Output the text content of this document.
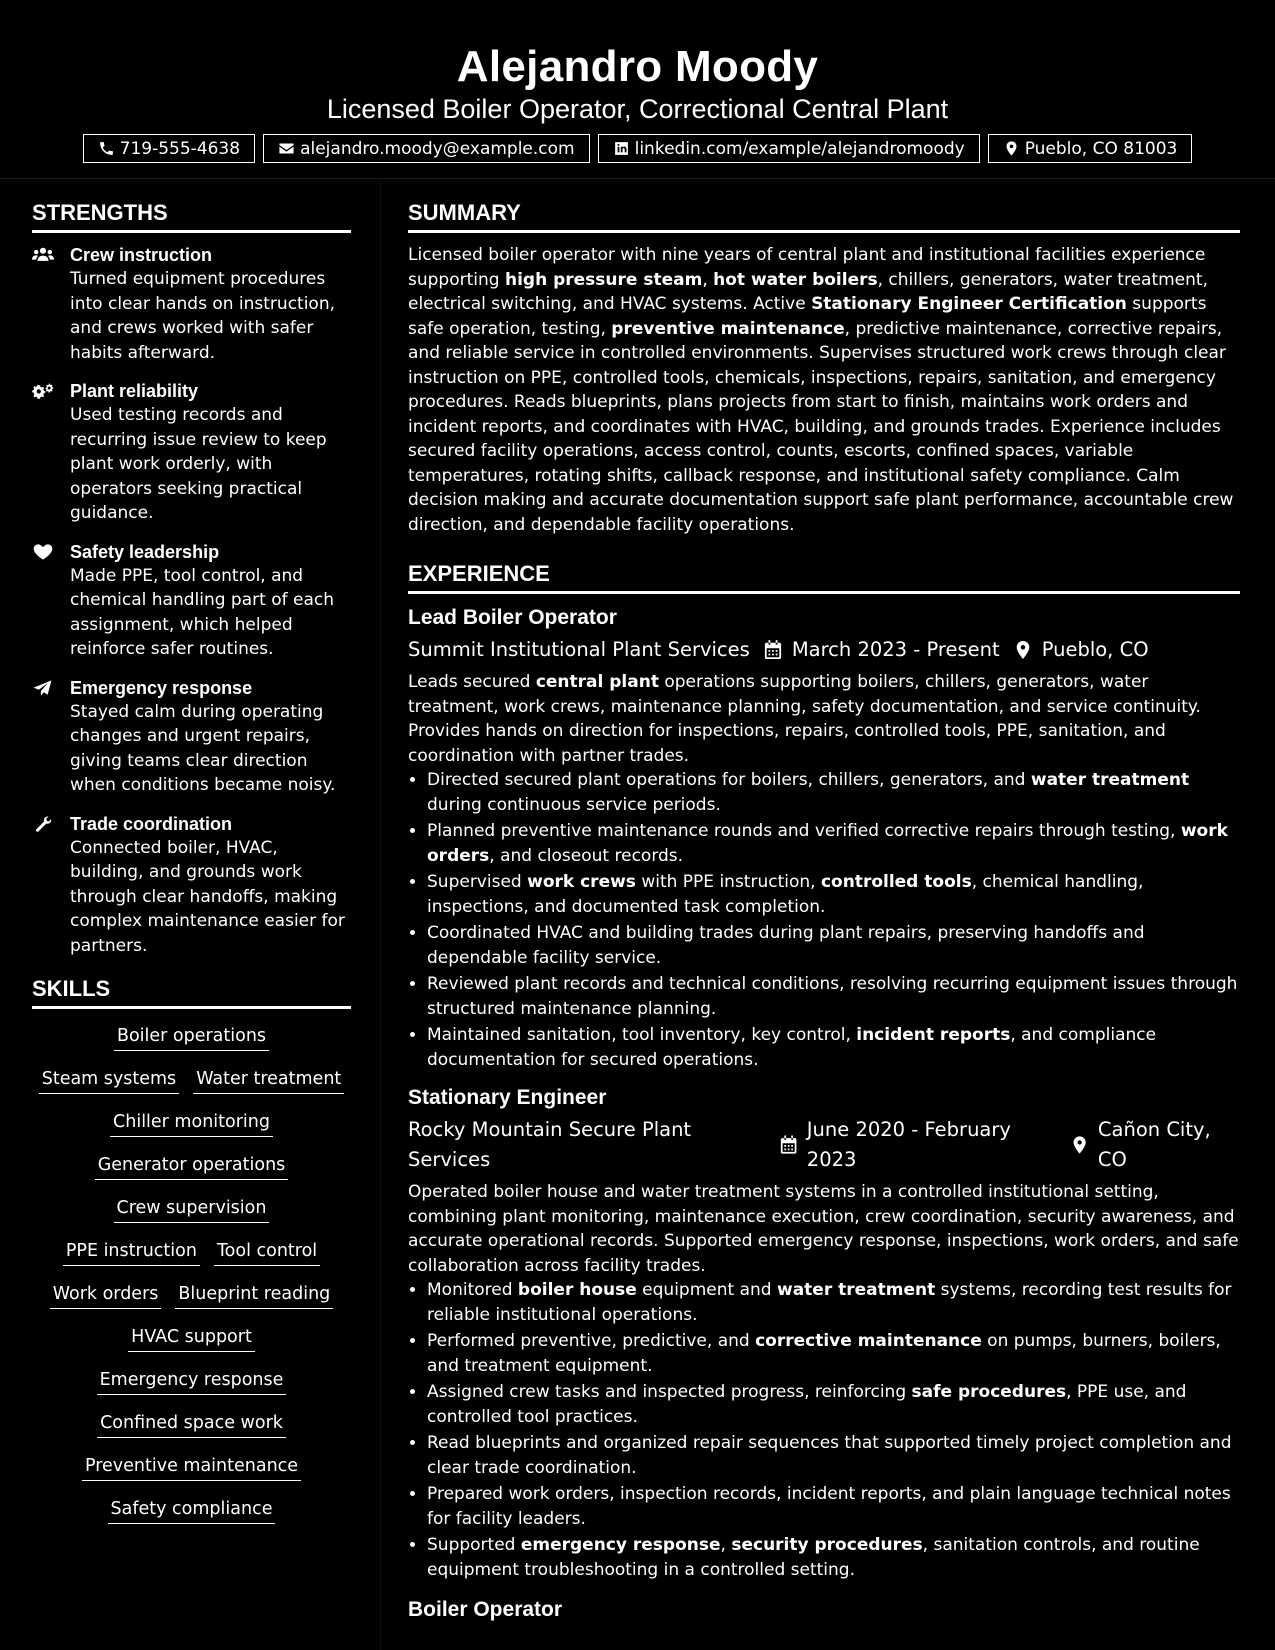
Alejandro Moody
Licensed Boiler Operator, Correctional Central Plant
719-555-4638	alejandro.moody@example.com	linkedin.com/example/alejandromoody	Pueblo, CO 81003
STRENGTHS
Crew instruction
Turned equipment procedures into clear hands on instruction, and crews worked with safer habits afterward.
Plant reliability
Used testing records and recurring issue review to keep plant work orderly, with operators seeking practical guidance.
Safety leadership
Made PPE, tool control, and chemical handling part of each assignment, which helped reinforce safer routines.
Emergency response
Stayed calm during operating changes and urgent repairs, giving teams clear direction when conditions became noisy.
Trade coordination
Connected boiler, HVAC, building, and grounds work through clear handoffs, making complex maintenance easier for partners.
SKILLS
Boiler operations
Steam systems Water treatment
Chiller monitoring
Generator operations
Crew supervision
PPE instruction Tool control
Work orders Blueprint reading
HVAC support
Emergency response
Confined space work
Preventive maintenance
Safety compliance
SUMMARY
Licensed boiler operator with nine years of central plant and institutional facilities experience supporting high pressure steam, hot water boilers, chillers, generators, water treatment, electrical switching, and HVAC systems. Active Stationary Engineer Certification supports safe operation, testing, preventive maintenance, predictive maintenance, corrective repairs, and reliable service in controlled environments. Supervises structured work crews through clear instruction on PPE, controlled tools, chemicals, inspections, repairs, sanitation, and emergency procedures. Reads blueprints, plans projects from start to finish, maintains work orders and incident reports, and coordinates with HVAC, building, and grounds trades. Experience includes secured facility operations, access control, counts, escorts, confined spaces, variable temperatures, rotating shifts, callback response, and institutional safety compliance. Calm decision making and accurate documentation support safe plant performance, accountable crew direction, and dependable facility operations.
EXPERIENCE
Lead Boiler Operator
Summit Institutional Plant Services March 2023 - Present Pueblo, CO
Leads secured central plant operations supporting boilers, chillers, generators, water treatment, work crews, maintenance planning, safety documentation, and service continuity. Provides hands on direction for inspections, repairs, controlled tools, PPE, sanitation, and coordination with partner trades.
• Directed secured plant operations for boilers, chillers, generators, and water treatment during continuous service periods.
• Planned preventive maintenance rounds and verified corrective repairs through testing, work orders, and closeout records.
• Supervised work crews with PPE instruction, controlled tools, chemical handling, inspections, and documented task completion.
• Coordinated HVAC and building trades during plant repairs, preserving handoffs and dependable facility service.
• Reviewed plant records and technical conditions, resolving recurring equipment issues through structured maintenance planning.
• Maintained sanitation, tool inventory, key control, incident reports, and compliance documentation for secured operations.
Stationary Engineer
Rocky Mountain Secure Plant Services
June 2020 - February 2023
Cañon City, CO
Operated boiler house and water treatment systems in a controlled institutional setting, combining plant monitoring, maintenance execution, crew coordination, security awareness, and accurate operational records. Supported emergency response, inspections, work orders, and safe collaboration across facility trades.
• Monitored boiler house equipment and water treatment systems, recording test results for reliable institutional operations.
• Performed preventive, predictive, and corrective maintenance on pumps, burners, boilers, and treatment equipment.
• Assigned crew tasks and inspected progress, reinforcing safe procedures, PPE use, and controlled tool practices.
• Read blueprints and organized repair sequences that supported timely project completion and clear trade coordination.
• Prepared work orders, inspection records, incident reports, and plain language technical notes for facility leaders.
• Supported emergency response, security procedures, sanitation controls, and routine equipment troubleshooting in a controlled setting.
Boiler Operator
